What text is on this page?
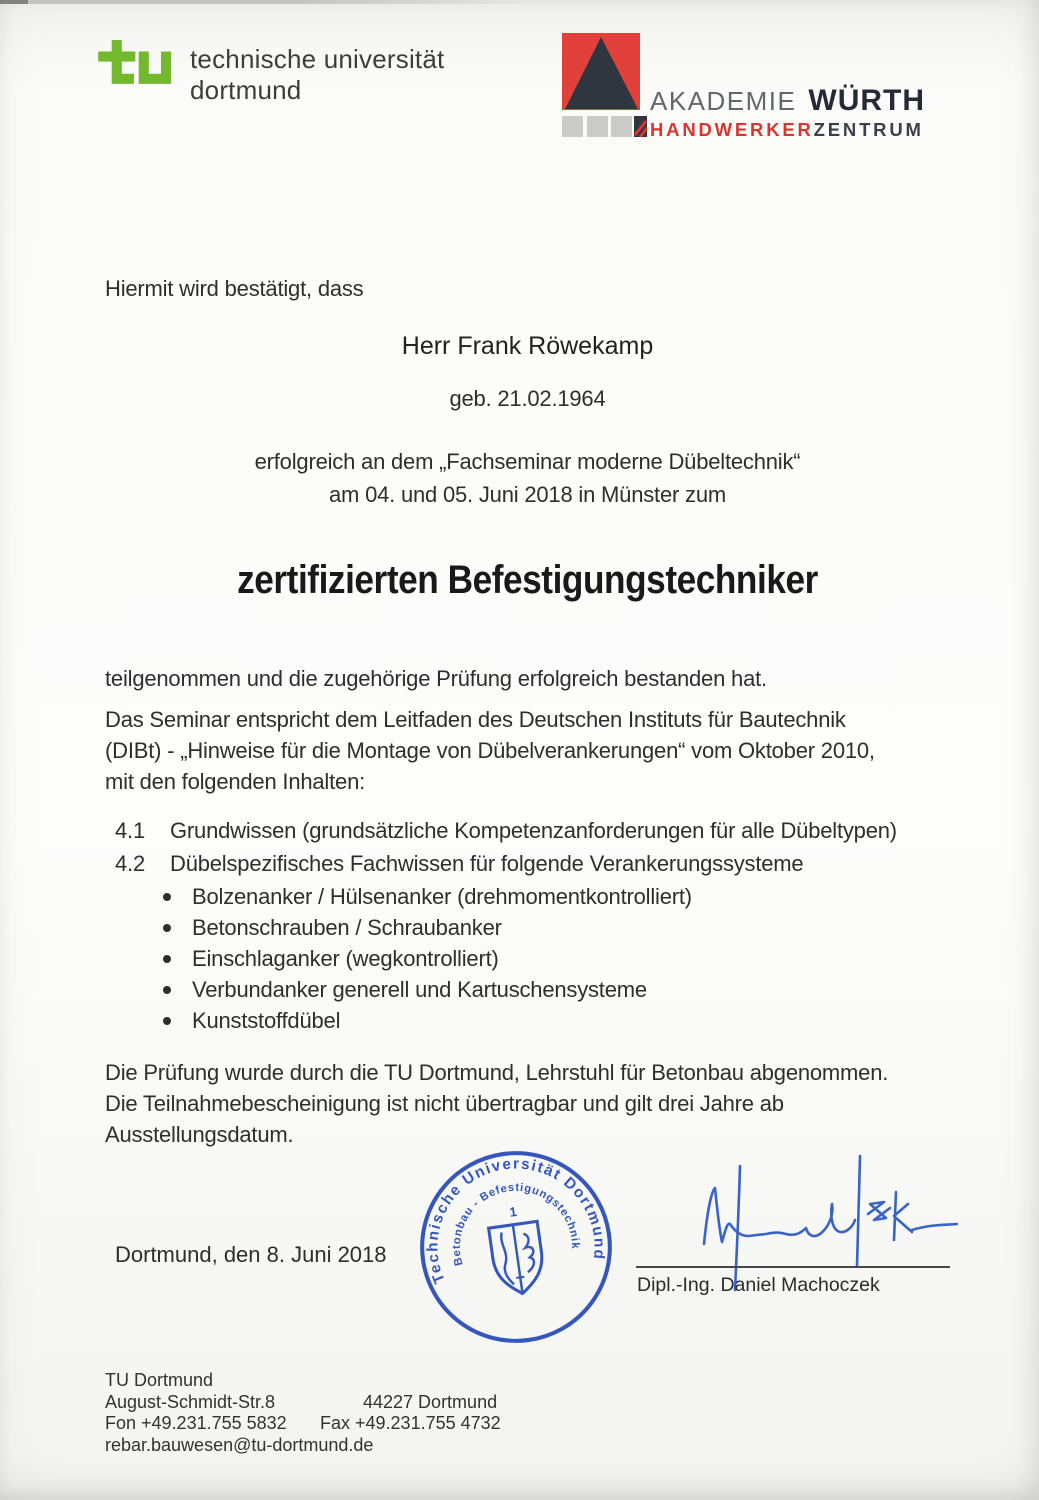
technische universität
dortmund	AKADEMIE WÜRTH
HANDWERKERZENTRUM
Hiermit wird bestätigt, dass
Herr Frank Röwekamp
geb. 21.02.1964
erfolgreich an dem „Fachseminar moderne Dübeltechnik“
am 04. und 05. Juni 2018 in Münster zum
zertifizierten Befestigungstechniker
teilgenommen und die zugehörige Prüfung erfolgreich bestanden hat.
Das Seminar entspricht dem Leitfaden des Deutschen Instituts für Bautechnik
(DIBt) - „Hinweise für die Montage von Dübelverankerungen“ vom Oktober 2010,
mit den folgenden Inhalten:
4.1 Grundwissen (grundsätzliche Kompetenzanforderungen für alle Dübeltypen)
4.2 Dübelspezifisches Fachwissen für folgende Verankerungssysteme
Bolzenanker / Hülsenanker (drehmomentkontrolliert)
Betonschrauben / Schraubanker
Einschlaganker (wegkontrolliert)
Verbundanker generell und Kartuschensysteme
Kunststoffdübel
Die Prüfung wurde durch die TU Dortmund, Lehrstuhl für Betonbau abgenommen.
Die Teilnahmebescheinigung ist nicht übertragbar und gilt drei Jahre ab
Ausstellungsdatum.
Dortmund, den 8. Juni 2018
Technische Universität Dortmund
Betonbau - Befestigungstechnik
1
Dipl.-Ing. Daniel Machoczek
TU Dortmund
August-Schmidt-Str.8	44227 Dortmund
Fon +49.231.755 5832 Fax +49.231.755 4732
rebar.bauwesen@tu-dortmund.de
